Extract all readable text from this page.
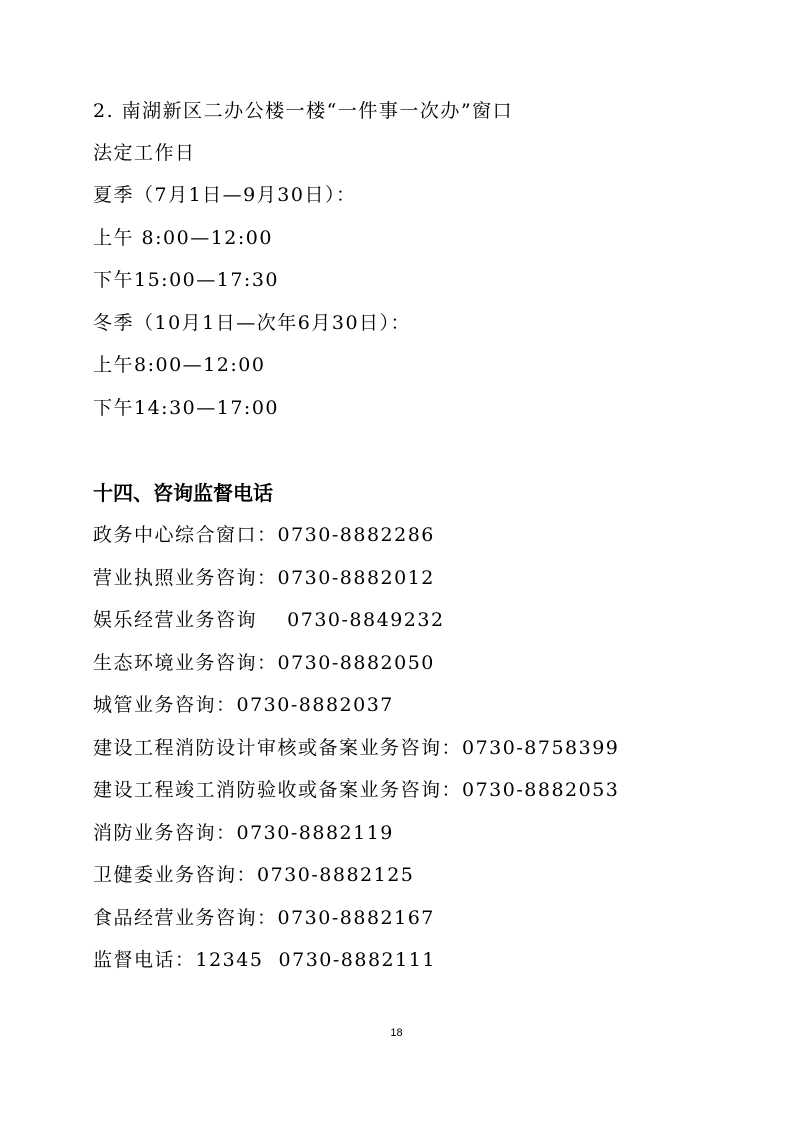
2. 南湖新区二办公楼一楼“一件事一次办”窗口
法定工作日
夏季（7月1日—9月30日）：
上午 8:00—12:00
下午15:00—17:30
冬季（10月1日—次年6月30日）：
上午8:00—12:00
下午14:30—17:00
十四、咨询监督电话
政务中心综合窗口：0730-8882286
营业执照业务咨询：0730-8882012
娱乐经营业务咨询    0730-8849232
生态环境业务咨询：0730-8882050
城管业务咨询：0730-8882037
建设工程消防设计审核或备案业务咨询：0730-8758399
建设工程竣工消防验收或备案业务咨询：0730-8882053
消防业务咨询：0730-8882119
卫健委业务咨询：0730-8882125
食品经营业务咨询：0730-8882167
监督电话：12345  0730-8882111
18
